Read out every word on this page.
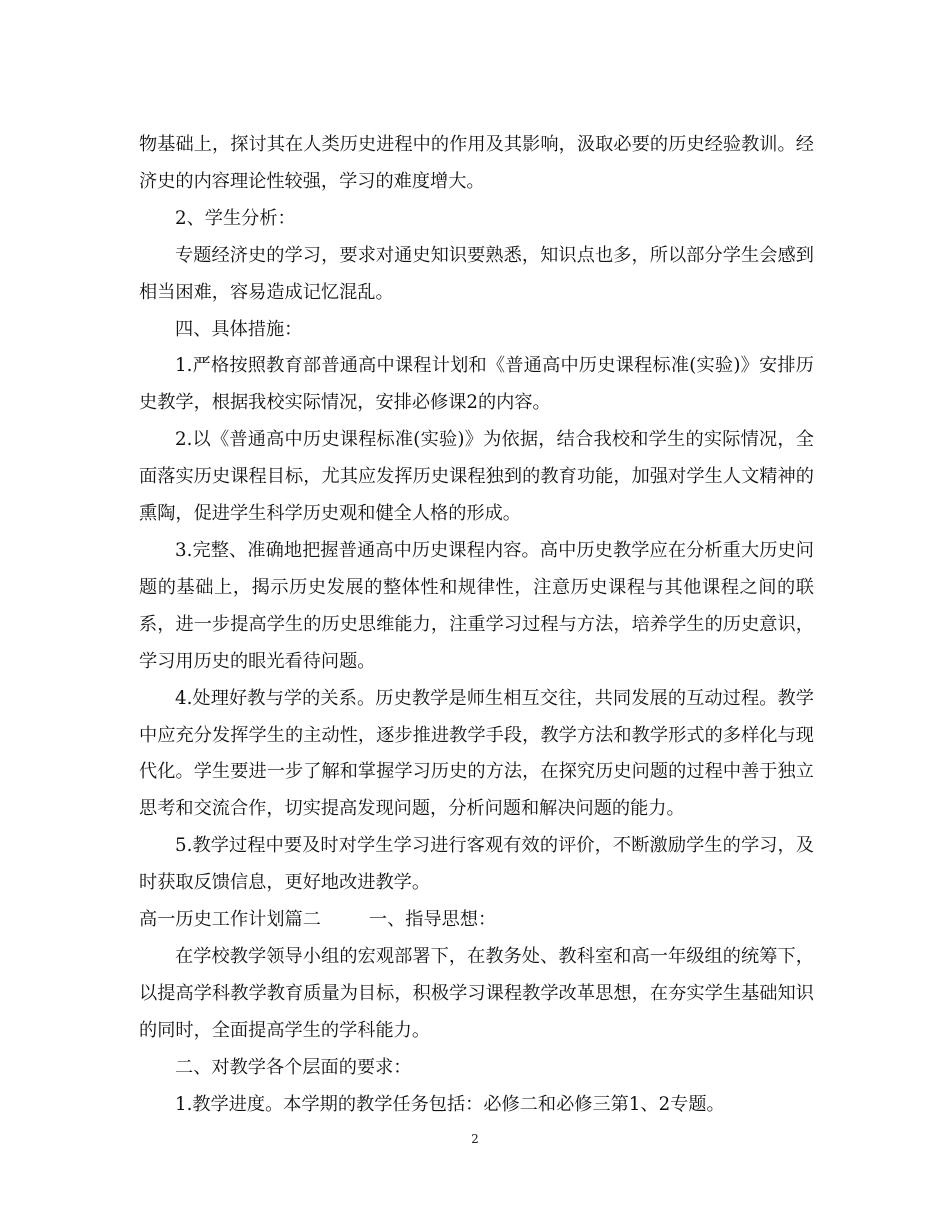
物基础上，探讨其在人类历史进程中的作用及其影响，汲取必要的历史经验教训。经济史的内容理论性较强，学习的难度增大。

2、学生分析：

专题经济史的学习，要求对通史知识要熟悉，知识点也多，所以部分学生会感到相当困难，容易造成记忆混乱。

四、具体措施：

1.严格按照教育部普通高中课程计划和《普通高中历史课程标准(实验)》安排历史教学，根据我校实际情况，安排必修课2的内容。

2.以《普通高中历史课程标准(实验)》为依据，结合我校和学生的实际情况，全面落实历史课程目标，尤其应发挥历史课程独到的教育功能，加强对学生人文精神的熏陶，促进学生科学历史观和健全人格的形成。

3.完整、准确地把握普通高中历史课程内容。高中历史教学应在分析重大历史问题的基础上，揭示历史发展的整体性和规律性，注意历史课程与其他课程之间的联系，进一步提高学生的历史思维能力，注重学习过程与方法，培养学生的历史意识，学习用历史的眼光看待问题。

4.处理好教与学的关系。历史教学是师生相互交往，共同发展的互动过程。教学中应充分发挥学生的主动性，逐步推进教学手段，教学方法和教学形式的多样化与现代化。学生要进一步了解和掌握学习历史的方法，在探究历史问题的过程中善于独立思考和交流合作，切实提高发现问题，分析问题和解决问题的能力。

5.教学过程中要及时对学生学习进行客观有效的评价，不断激励学生的学习，及时获取反馈信息，更好地改进教学。

高一历史工作计划篇二	一、指导思想：

在学校教学领导小组的宏观部署下，在教务处、教科室和高一年级组的统筹下，以提高学科教学教育质量为目标，积极学习课程教学改革思想，在夯实学生基础知识的同时，全面提高学生的学科能力。

二、对教学各个层面的要求：

1.教学进度。本学期的教学任务包括：必修二和必修三第1、2专题。

2
